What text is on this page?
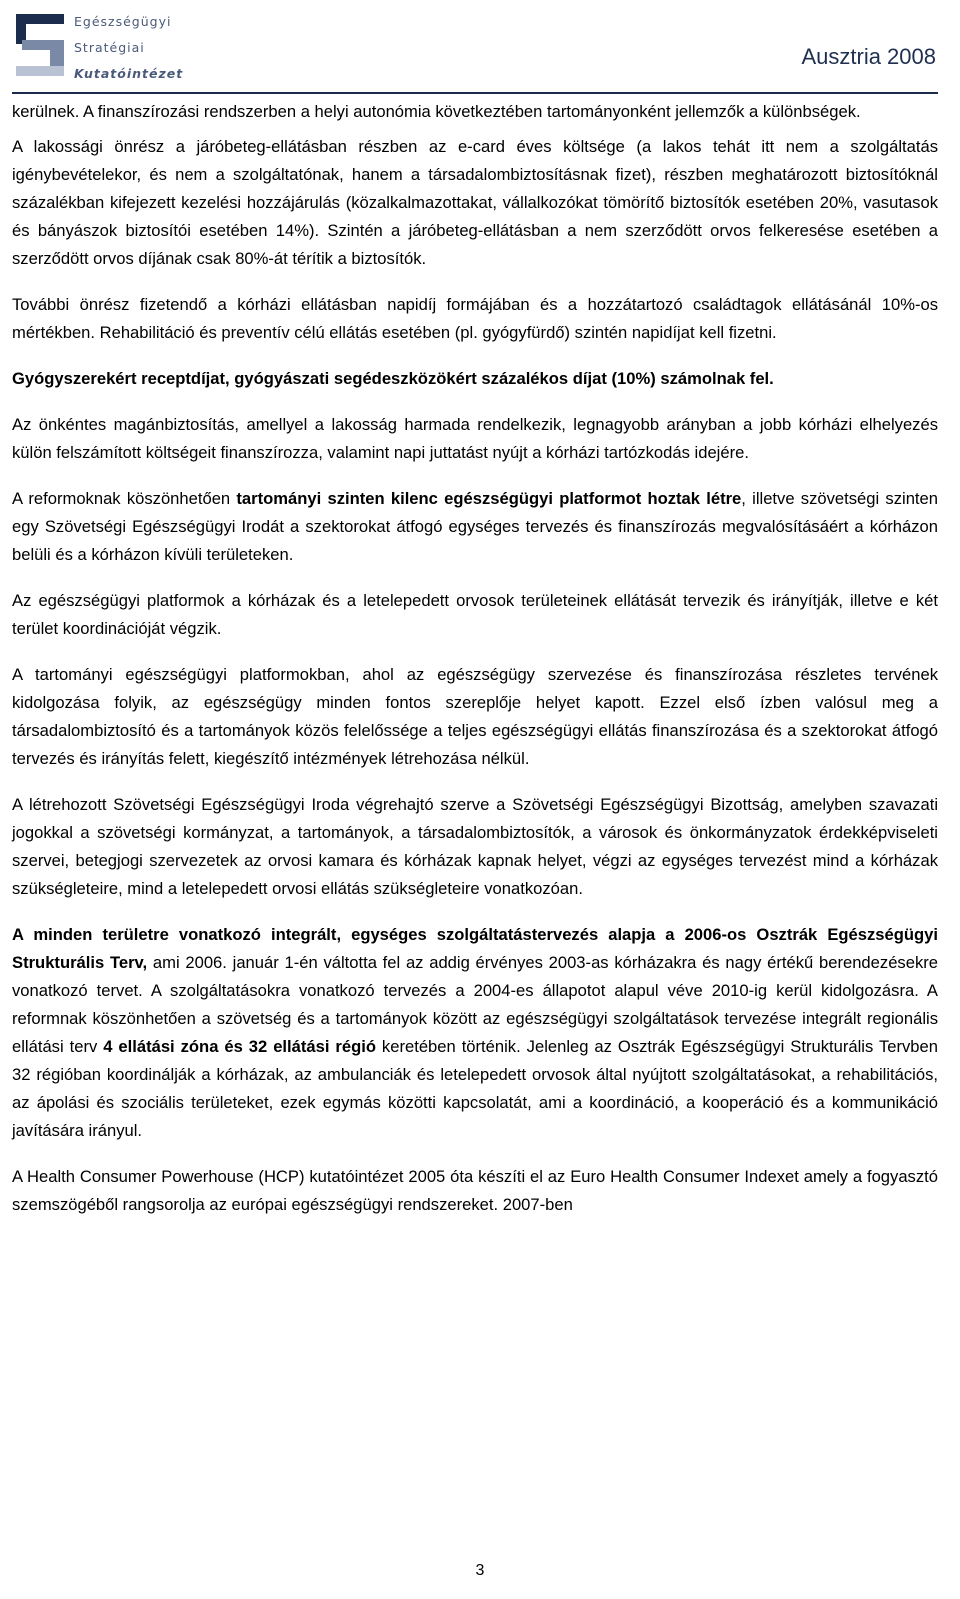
Egészségügyi
Stratégiai
Kutatóintézet
Ausztria 2008

kerülnek. A finanszírozási rendszerben a helyi autonómia következtében tartományonként jellemzők a különbségek.

A lakossági önrész a járóbeteg-ellátásban részben az e-card éves költsége (a lakos tehát itt nem a szolgáltatás igénybevételekor, és nem a szolgáltatónak, hanem a társadalombiztosításnak fizet), részben meghatározott biztosítóknál százalékban kifejezett kezelési hozzájárulás (közalkalmazottakat, vállalkozókat tömörítő biztosítók esetében 20%, vasutasok és bányászok biztosítói esetében 14%). Szintén a járóbeteg-ellátásban a nem szerződött orvos felkeresése esetében a szerződött orvos díjának csak 80%-át térítik a biztosítók.

További önrész fizetendő a kórházi ellátásban napidíj formájában és a hozzátartozó családtagok ellátásánál 10%-os mértékben. Rehabilitáció és preventív célú ellátás esetében (pl. gyógyfürdő) szintén napidíjat kell fizetni.

Gyógyszerekért receptdíjat, gyógyászati segédeszközökért százalékos díjat (10%) számolnak fel.

Az önkéntes magánbiztosítás, amellyel a lakosság harmada rendelkezik, legnagyobb arányban a jobb kórházi elhelyezés külön felszámított költségeit finanszírozza, valamint napi juttatást nyújt a kórházi tartózkodás idejére.

A reformoknak köszönhetően tartományi szinten kilenc egészségügyi platformot hoztak létre, illetve szövetségi szinten egy Szövetségi Egészségügyi Irodát a szektorokat átfogó egységes tervezés és finanszírozás megvalósításáért a kórházon belüli és a kórházon kívüli területeken.

Az egészségügyi platformok a kórházak és a letelepedett orvosok területeinek ellátását tervezik és irányítják, illetve e két terület koordinációját végzik.

A tartományi egészségügyi platformokban, ahol az egészségügy szervezése és finanszírozása részletes tervének kidolgozása folyik, az egészségügy minden fontos szereplője helyet kapott. Ezzel első ízben valósul meg a társadalombiztosító és a tartományok közös felelőssége a teljes egészségügyi ellátás finanszírozása és a szektorokat átfogó tervezés és irányítás felett, kiegészítő intézmények létrehozása nélkül.

A létrehozott Szövetségi Egészségügyi Iroda végrehajtó szerve a Szövetségi Egészségügyi Bizottság, amelyben szavazati jogokkal a szövetségi kormányzat, a tartományok, a társadalombiztosítók, a városok és önkormányzatok érdekképviseleti szervei, betegjogi szervezetek az orvosi kamara és kórházak kapnak helyet, végzi az egységes tervezést mind a kórházak szükségleteire, mind a letelepedett orvosi ellátás szükségleteire vonatkozóan.

A minden területre vonatkozó integrált, egységes szolgáltatástervezés alapja a 2006-os Osztrák Egészségügyi Strukturális Terv, ami 2006. január 1-én váltotta fel az addig érvényes 2003-as kórházakra és nagy értékű berendezésekre vonatkozó tervet. A szolgáltatásokra vonatkozó tervezés a 2004-es állapotot alapul véve 2010-ig kerül kidolgozásra. A reformnak köszönhetően a szövetség és a tartományok között az egészségügyi szolgáltatások tervezése integrált regionális ellátási terv 4 ellátási zóna és 32 ellátási régió keretében történik. Jelenleg az Osztrák Egészségügyi Strukturális Tervben 32 régióban koordinálják a kórházak, az ambulanciák és letelepedett orvosok által nyújtott szolgáltatásokat, a rehabilitációs, az ápolási és szociális területeket, ezek egymás közötti kapcsolatát, ami a koordináció, a kooperáció és a kommunikáció javítására irányul.

A Health Consumer Powerhouse (HCP) kutatóintézet 2005 óta készíti el az Euro Health Consumer Indexet amely a fogyasztó szemszögéből rangsorolja az európai egészségügyi rendszereket. 2007-ben

3
